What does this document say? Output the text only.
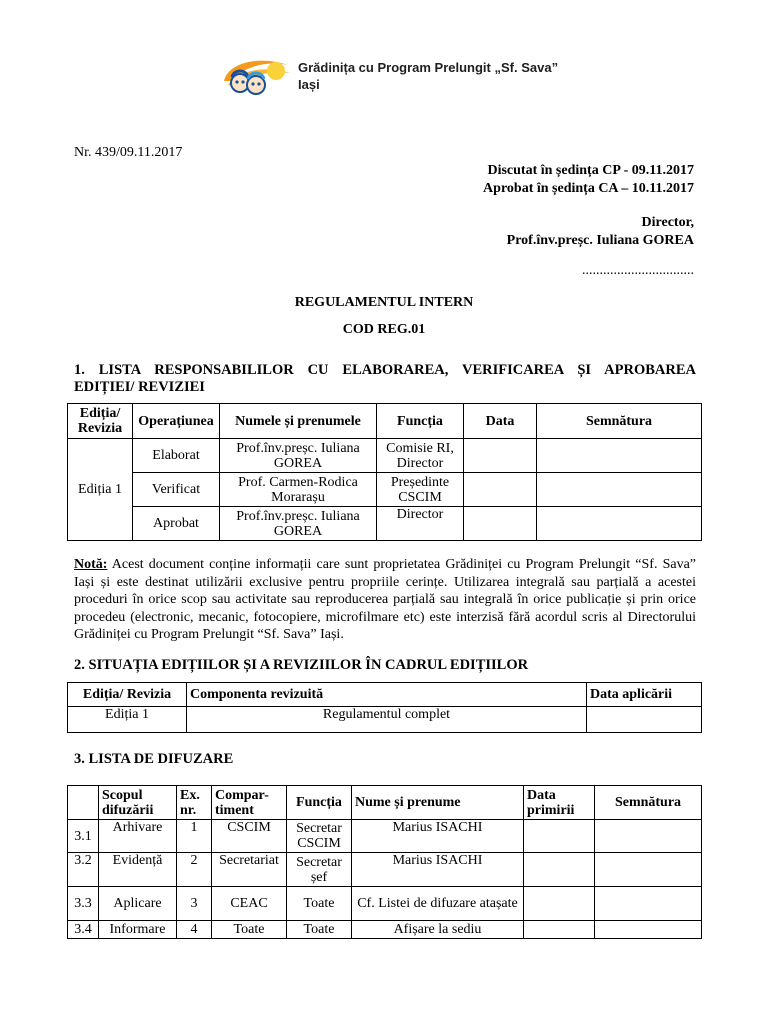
Grădinița cu Program Prelungit „Sf. Sava”
Iași
Nr. 439/09.11.2017
Discutat în ședința CP - 09.11.2017
Aprobat în ședința CA – 10.11.2017
Director,
Prof.înv.preșc. Iuliana GOREA
................................
REGULAMENTUL INTERN
COD REG.01
1. LISTA RESPONSABILILOR CU ELABORAREA, VERIFICAREA ȘI APROBAREA
EDIȚIEI/ REVIZIEI
Ediția/ Revizia	Operațiunea	Numele și prenumele	Funcția	Data	Semnătura
Ediția 1	Elaborat	Prof.înv.preșc. Iuliana GOREA	Comisie RI, Director		
	Verificat	Prof. Carmen-Rodica Morarașu	Președinte CSCIM		
	Aprobat	Prof.înv.preșc. Iuliana GOREA	Director		
Notă: Acest document conține informații care sunt proprietatea Grădiniței cu Program Prelungit “Sf. Sava” Iași și este destinat utilizării exclusive pentru propriile cerințe. Utilizarea integrală sau parțială a acestei proceduri în orice scop sau activitate sau reproducerea parțială sau integrală în orice publicație și prin orice procedeu (electronic, mecanic, fotocopiere, microfilmare etc) este interzisă fără acordul scris al Directorului Grădiniței cu Program Prelungit “Sf. Sava” Iași.
2. SITUAȚIA EDIȚIILOR ȘI A REVIZIILOR ÎN CADRUL EDIȚIILOR
Ediția/ Revizia	Componenta revizuită	Data aplicării
Ediția 1	Regulamentul complet	
3. LISTA DE DIFUZARE
	Scopul difuzării	Ex. nr.	Compar-timent	Funcția	Nume și prenume	Data primirii	Semnătura
3.1	Arhivare	1	CSCIM	Secretar CSCIM	Marius ISACHI		
3.2	Evidență	2	Secretariat	Secretar șef	Marius ISACHI		
3.3	Aplicare	3	CEAC	Toate	Cf. Listei de difuzare atașate		
3.4	Informare	4	Toate	Toate	Afișare la sediu		
